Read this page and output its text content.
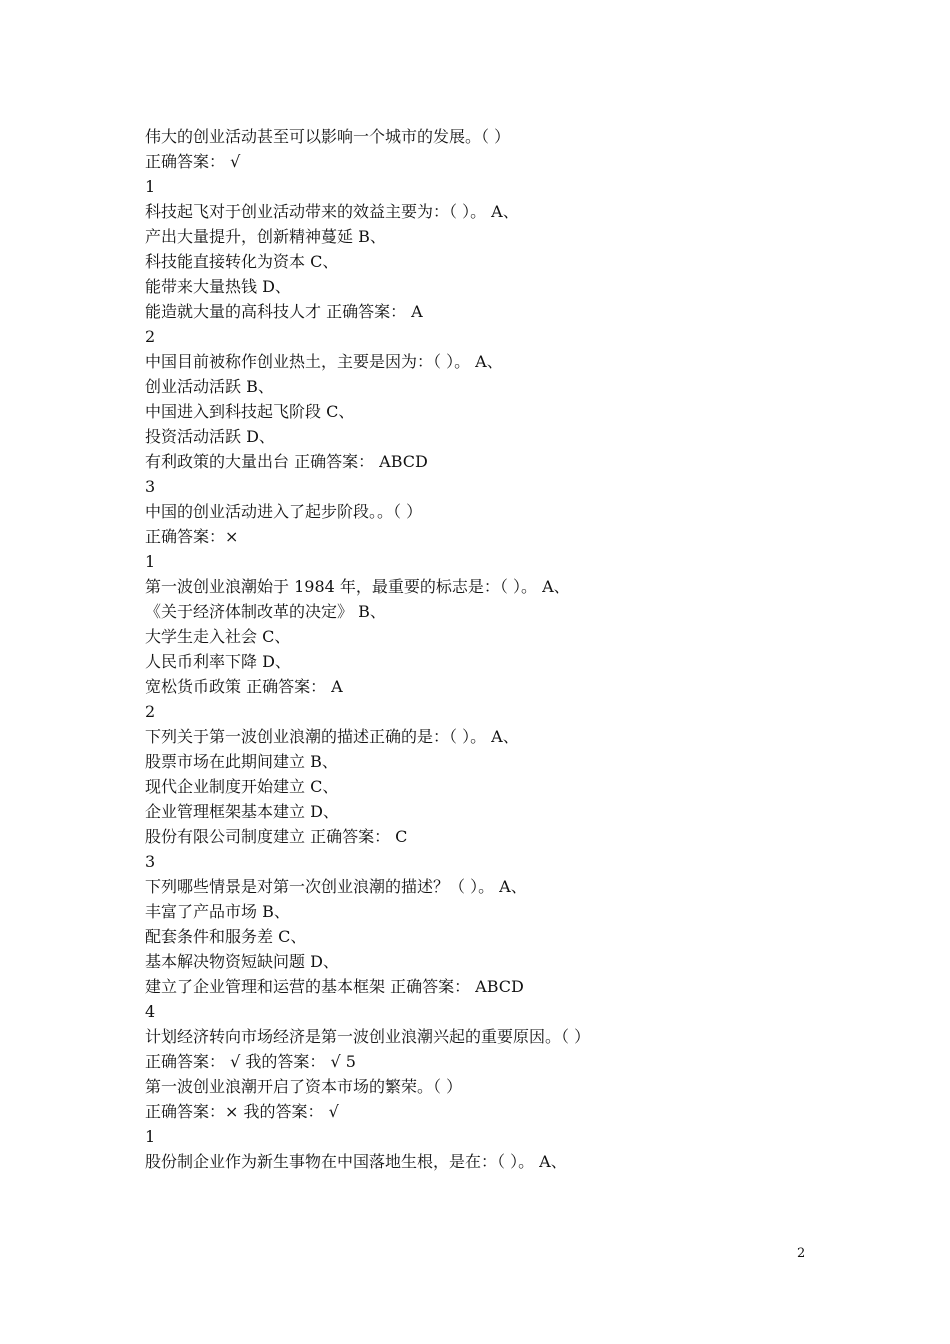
伟大的创业活动甚至可以影响一个城市的发展。（ ）
正确答案： √
1
科技起飞对于创业活动带来的效益主要为：（ ）。 A、
产出大量提升，创新精神蔓延 B、
科技能直接转化为资本 C、
能带来大量热钱 D、
能造就大量的高科技人才 正确答案： A
2
中国目前被称作创业热土，主要是因为：（ ）。 A、
创业活动活跃 B、
中国进入到科技起飞阶段 C、
投资活动活跃 D、
有利政策的大量出台 正确答案： ABCD
3
中国的创业活动进入了起步阶段。。（ ）
正确答案：×
1
第一波创业浪潮始于 1984 年，最重要的标志是：（ ）。 A、
《关于经济体制改革的决定》 B、
大学生走入社会 C、
人民币利率下降 D、
宽松货币政策 正确答案： A
2
下列关于第一波创业浪潮的描述正确的是：（ ）。 A、
股票市场在此期间建立 B、
现代企业制度开始建立 C、
企业管理框架基本建立 D、
股份有限公司制度建立 正确答案： C
3
下列哪些情景是对第一次创业浪潮的描述？（ ）。 A、
丰富了产品市场 B、
配套条件和服务差 C、
基本解决物资短缺问题 D、
建立了企业管理和运营的基本框架 正确答案： ABCD
4
计划经济转向市场经济是第一波创业浪潮兴起的重要原因。（ ）
正确答案： √ 我的答案： √ 5
第一波创业浪潮开启了资本市场的繁荣。（ ）
正确答案：× 我的答案： √
1
股份制企业作为新生事物在中国落地生根，是在：（ ）。 A、
2
